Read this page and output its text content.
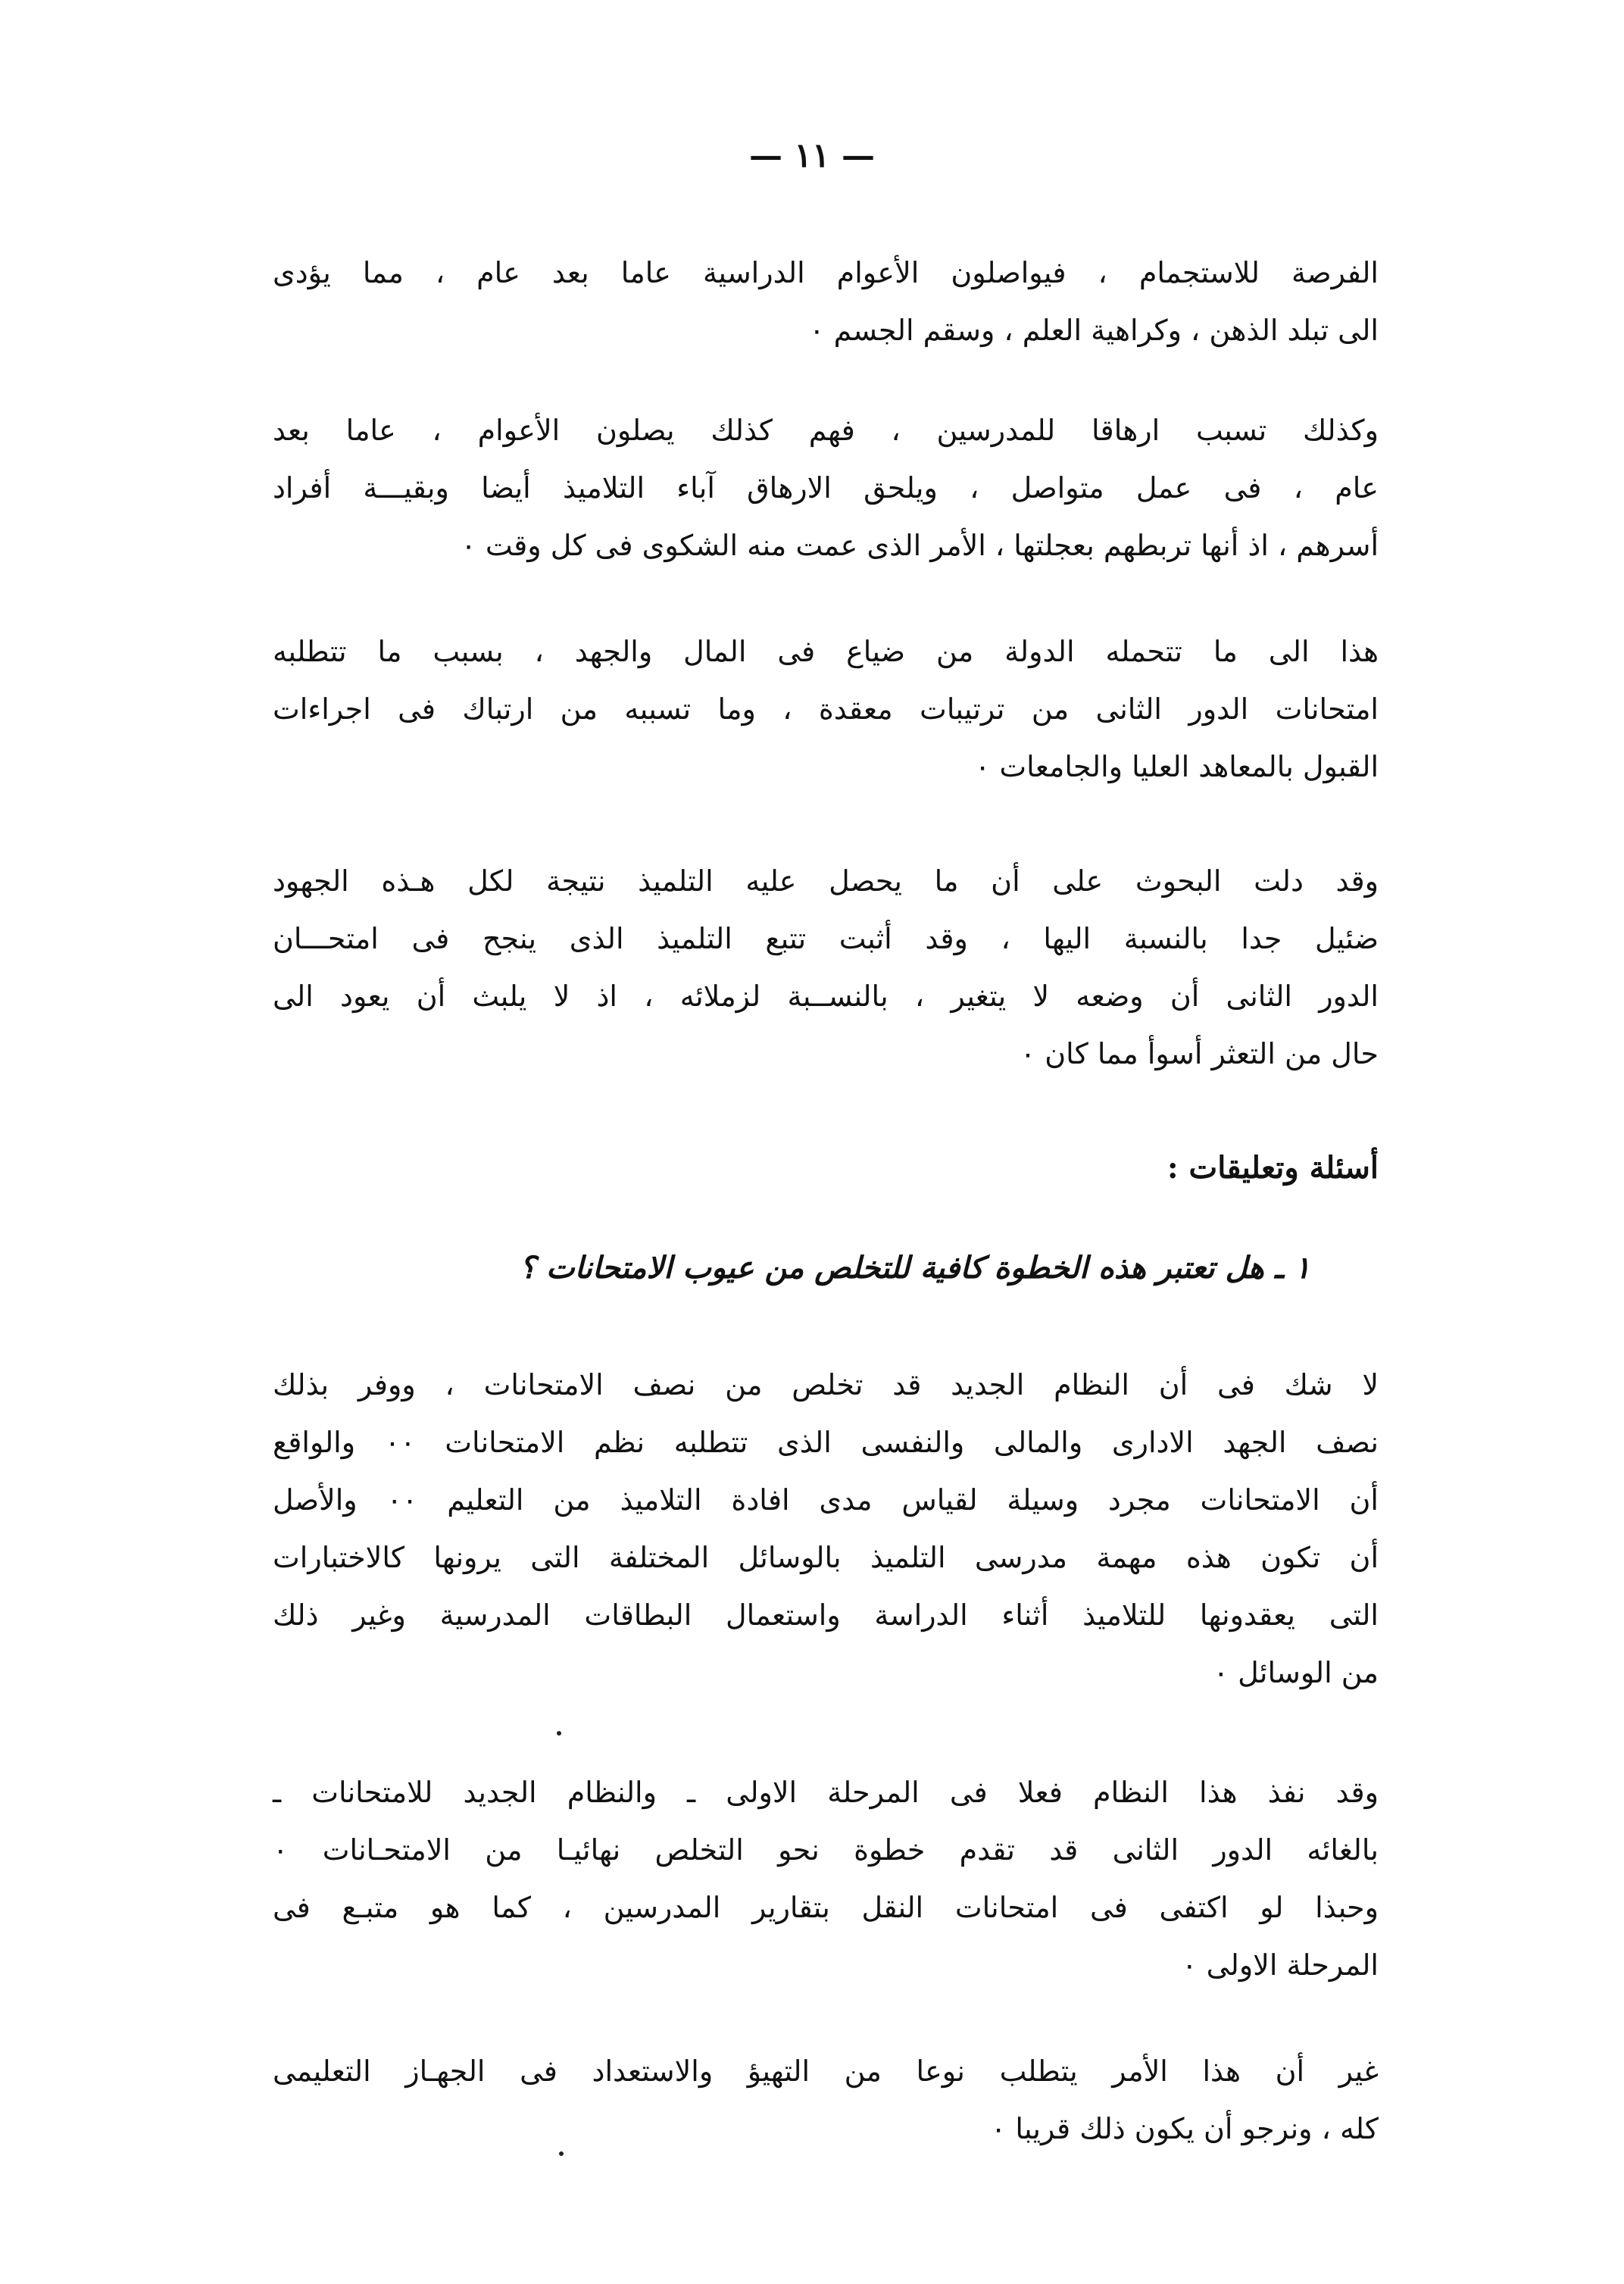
— ١١ —
الفرصة للاستجمام ، فيواصلون الأعوام الدراسية عاما بعد عام ، مما يؤدى
الى تبلد الذهن ، وكراهية العلم ، وسقم الجسم ٠
وكذلك تسبب ارهاقا للمدرسين ، فهم كذلك يصلون الأعوام ، عاما بعد
عام ، فى عمل متواصل ، ويلحق الارهاق آباء التلاميذ أيضا وبقيـــة أفراد
أسرهم ، اذ أنها تربطهم بعجلتها ، الأمر الذى عمت منه الشكوى فى كل وقت ٠
هذا الى ما تتحمله الدولة من ضياع فى المال والجهد ، بسبب ما تتطلبه
امتحانات الدور الثانى من ترتيبات معقدة ، وما تسببه من ارتباك فى اجراءات
القبول بالمعاهد العليا والجامعات ٠
وقد دلت البحوث على أن ما يحصل عليه التلميذ نتيجة لكل هـذه الجهود
ضئيل جدا بالنسبة اليها ، وقد أثبت تتبع التلميذ الذى ينجح فى امتحـــان
الدور الثانى أن وضعه لا يتغير ، بالنســبة لزملائه ، اذ لا يلبث أن يعود الى
حال من التعثر أسوأ مما كان ٠
أسئلة وتعليقات :
١ ـ هل تعتبر هذه الخطوة كافية للتخلص من عيوب الامتحانات ؟
لا شك فى أن النظام الجديد قد تخلص من نصف الامتحانات ، ووفر بذلك
نصف الجهد الادارى والمالى والنفسى الذى تتطلبه نظم الامتحانات ٠٠ والواقع
أن الامتحانات مجرد وسيلة لقياس مدى افادة التلاميذ من التعليم ٠٠ والأصل
أن تكون هذه مهمة مدرسى التلميذ بالوسائل المختلفة التى يرونها كالاختبارات
التى يعقدونها للتلاميذ أثناء الدراسة واستعمال البطاقات المدرسية وغير ذلك
من الوسائل ٠
وقد نفذ هذا النظام فعلا فى المرحلة الاولى ـ والنظام الجديد للامتحانات ـ
بالغائه الدور الثانى قد تقدم خطوة نحو التخلص نهائيـا من الامتحـانات ٠
وحبذا لو اكتفى فى امتحانات النقل بتقارير المدرسين ، كما هو متبـع فى
المرحلة الاولى ٠
غير أن هذا الأمر يتطلب نوعا من التهيؤ والاستعداد فى الجهـاز التعليمى
كله ، ونرجو أن يكون ذلك قريبا ٠
